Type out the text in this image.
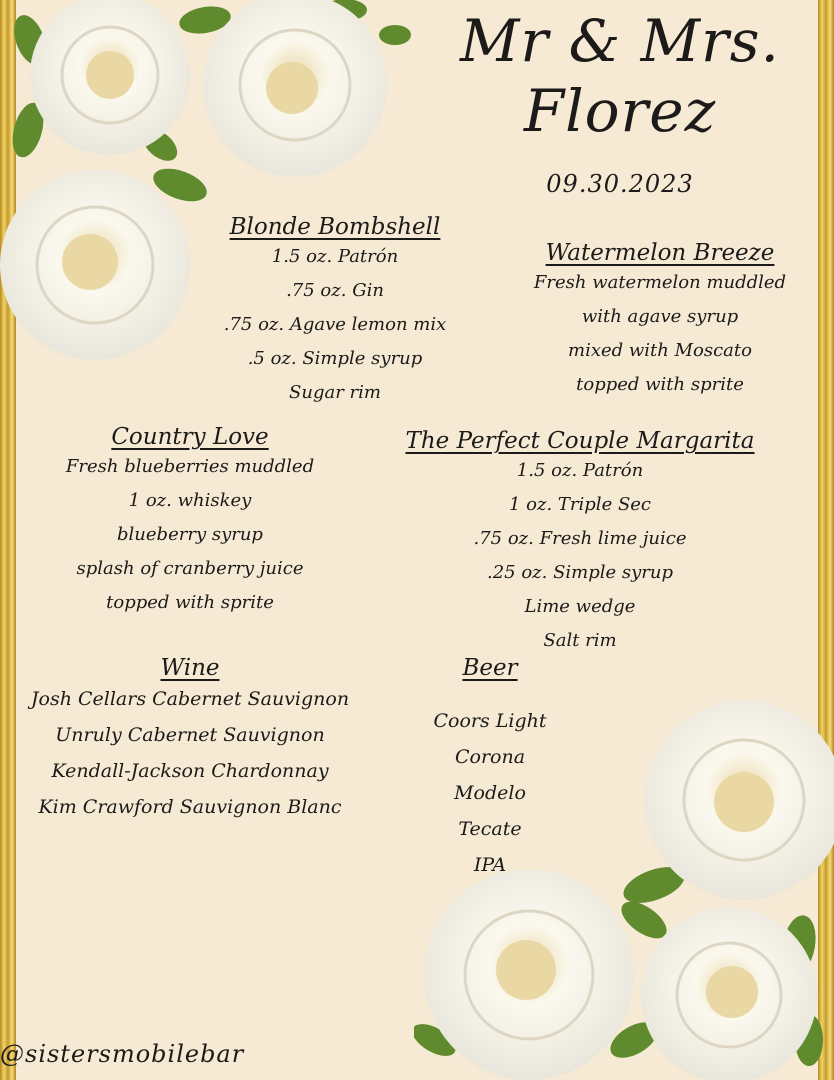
Mr & Mrs.
Florez
09.30.2023
Blonde Bombshell
1.5 oz. Patrón
.75 oz. Gin
.75 oz. Agave lemon mix
.5 oz. Simple syrup
Sugar rim
Watermelon Breeze
Fresh watermelon muddled
with agave syrup
mixed with Moscato
topped with sprite
Country Love
Fresh blueberries muddled
1 oz. whiskey
blueberry syrup
splash of cranberry juice
topped with sprite
The Perfect Couple Margarita
1.5 oz. Patrón
1 oz. Triple Sec
.75 oz. Fresh lime juice
.25 oz. Simple syrup
Lime wedge
Salt rim
Wine
Josh Cellars Cabernet Sauvignon
Unruly Cabernet Sauvignon
Kendall-Jackson Chardonnay
Kim Crawford Sauvignon Blanc
Beer
Coors Light
Corona
Modelo
Tecate
IPA
@sistersmobilebar
